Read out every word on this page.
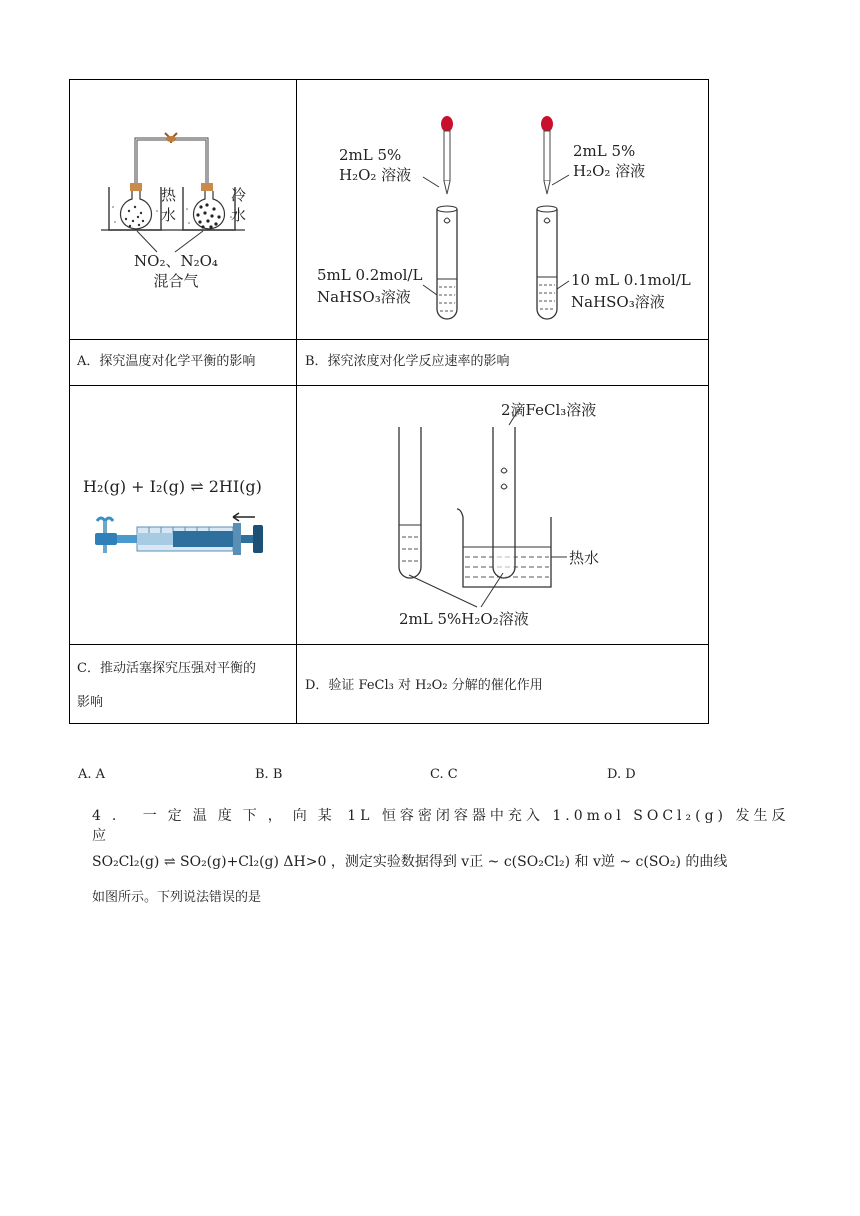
热水
冷水
NO₂、N₂O₄
混合气
2mL 5%
H₂O₂ 溶液
2mL 5%
H₂O₂ 溶液
5mL 0.2mol/L
NaHSO₃溶液
10 mL 0.1mol/L
NaHSO₃溶液
A．探究温度对化学平衡的影响	B．探究浓度对化学反应速率的影响
H₂(g) + I₂(g) ⇌ 2HI(g)
2滴FeCl₃溶液
热水
2mL 5%H₂O₂溶液
C．推动活塞探究压强对平衡的
影响
D．验证 FeCl₃ 对 H₂O₂ 分解的催化作用
A. A	B. B	C. C	D. D
4. 一定温度下，向某 1L 恒容密闭容器中充入 1.0mol SOCl₂(g) 发生反应
SO₂Cl₂(g) ⇌ SO₂(g)+Cl₂(g) ΔH>0 ，测定实验数据得到 v正 ~ c(SO₂Cl₂) 和 v逆 ~ c(SO₂) 的曲线
如图所示。下列说法错误的是
